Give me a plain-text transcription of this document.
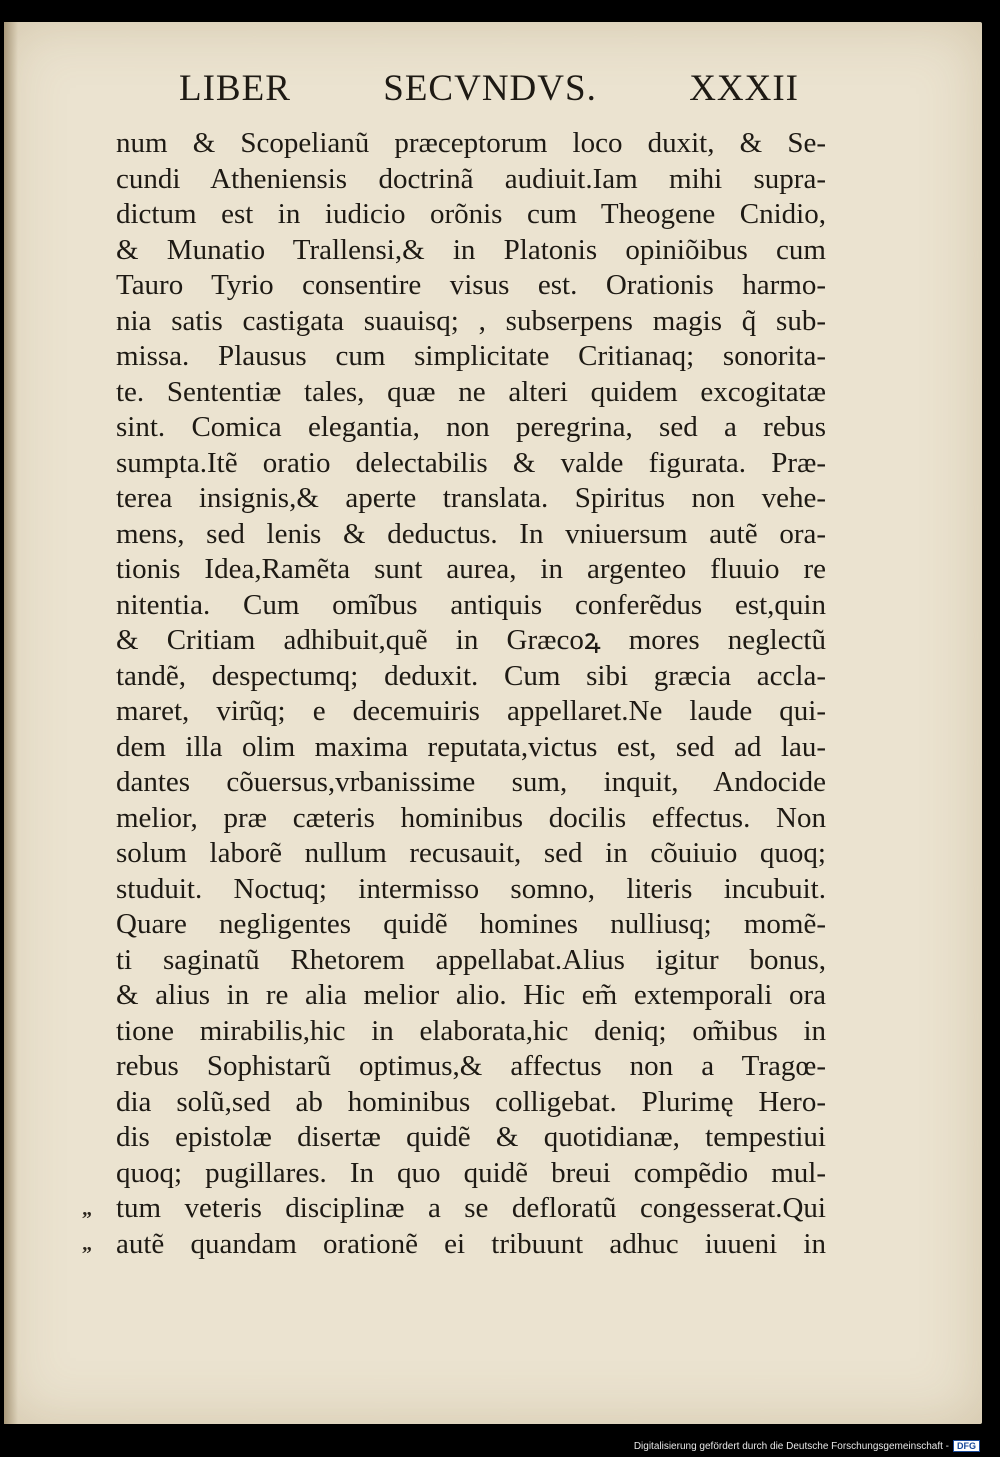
LIBER SECVNDVS. XXXII
num & Scopelianũ præceptorum loco duxit, & Se-
cundi Atheniensis doctrinã audiuit.Iam mihi supra-
dictum est in iudicio orõnis cum Theogene Cnidio,
& Munatio Trallensi,& in Platonis opiniõibus cum
Tauro Tyrio consentire visus est. Orationis harmo-
nia satis castigata suauisq; , subserpens magis q̃ sub-
missa. Plausus cum simplicitate Critianaq; sonorita-
te. Sententiæ tales, quæ ne alteri quidem excogitatæ
sint. Comica elegantia, non peregrina, sed a rebus
sumpta.Itẽ oratio delectabilis & valde figurata. Præ-
terea insignis,& aperte translata. Spiritus non vehe-
mens, sed lenis & deductus. In vniuersum autẽ ora-
tionis Idea,Ramẽta sunt aurea, in argenteo fluuio re
nitentia. Cum omĩbus antiquis conferẽdus est,quin
& Critiam adhibuit,quẽ in Græcoꝝ mores neglectũ
tandẽ, despectumq; deduxit. Cum sibi græcia accla-
maret, virũq; e decemuiris appellaret.Ne laude qui-
dem illa olim maxima reputata,victus est, sed ad lau-
dantes cõuersus,vrbanissime sum, inquit, Andocide
melior, præ cæteris hominibus docilis effectus. Non
solum laborẽ nullum recusauit, sed in cõuiuio quoq;
studuit. Noctuq; intermisso somno, literis incubuit.
Quare negligentes quidẽ homines nulliusq; momẽ-
ti saginatũ Rhetorem appellabat.Alius igitur bonus,
& alius in re alia melior alio. Hic em̃ extemporali ora
tione mirabilis,hic in elaborata,hic deniq; om̃ibus in
rebus Sophistarũ optimus,& affectus non a Tragœ-
dia solũ,sed ab hominibus colligebat. Plurimę Hero-
dis epistolæ disertæ quidẽ & quotidianæ, tempestiui
quoq; pugillares. In quo quidẽ breui compẽdio mul-
tum veteris disciplinæ a se defloratũ congesserat.Qui
autẽ quandam orationẽ ei tribuunt adhuc iuueni in
„
„
Digitalisierung gefördert durch die Deutsche Forschungsgemeinschaft - DFG
